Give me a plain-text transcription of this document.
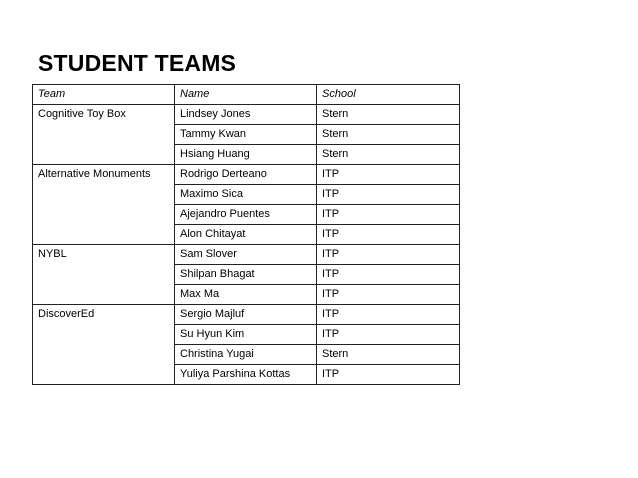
STUDENT TEAMS
Team	Name	School
Cognitive Toy Box	Lindsey Jones	Stern
	Tammy Kwan	Stern
	Hsiang Huang	Stern
Alternative Monuments	Rodrigo Derteano	ITP
	Maximo Sica	ITP
	Ajejandro Puentes	ITP
	Alon Chitayat	ITP
NYBL	Sam Slover	ITP
	Shilpan Bhagat	ITP
	Max Ma	ITP
DiscoverEd	Sergio Majluf	ITP
	Su Hyun Kim	ITP
	Christina Yugai	Stern
	Yuliya Parshina Kottas	ITP
